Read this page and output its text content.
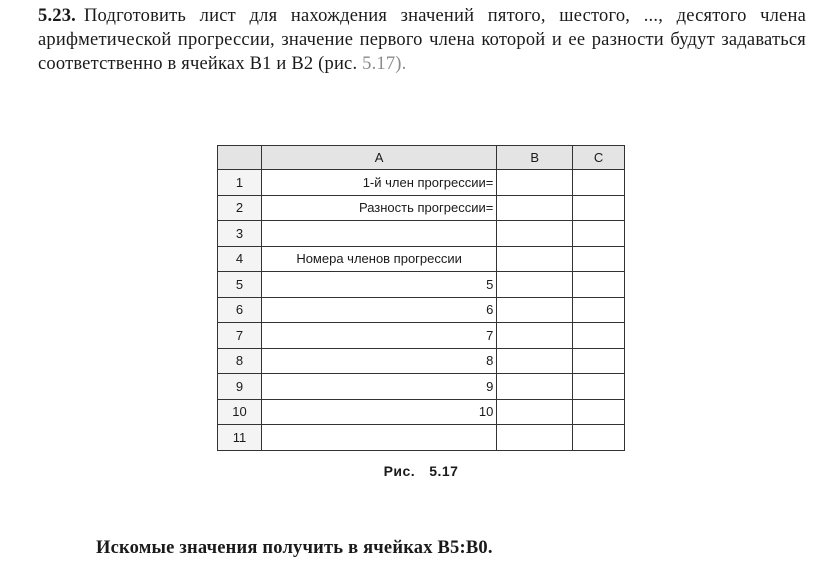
5.23. Подготовить лист для нахождения значений пятого, шестого, ..., десятого члена арифметической прогрессии, значение первого члена которой и ее разности будут задаваться соответственно в ячейках B1 и B2 (рис. 5.17).
	A	B	C
1	1-й член прогрессии=		
2	Разность прогрессии=		
3			
4	Номера членов прогрессии		
5	5		
6	6		
7	7		
8	8		
9	9		
10	10		
11			
Рис. 5.17
Искомые значения получить в ячейках B5:B0.
